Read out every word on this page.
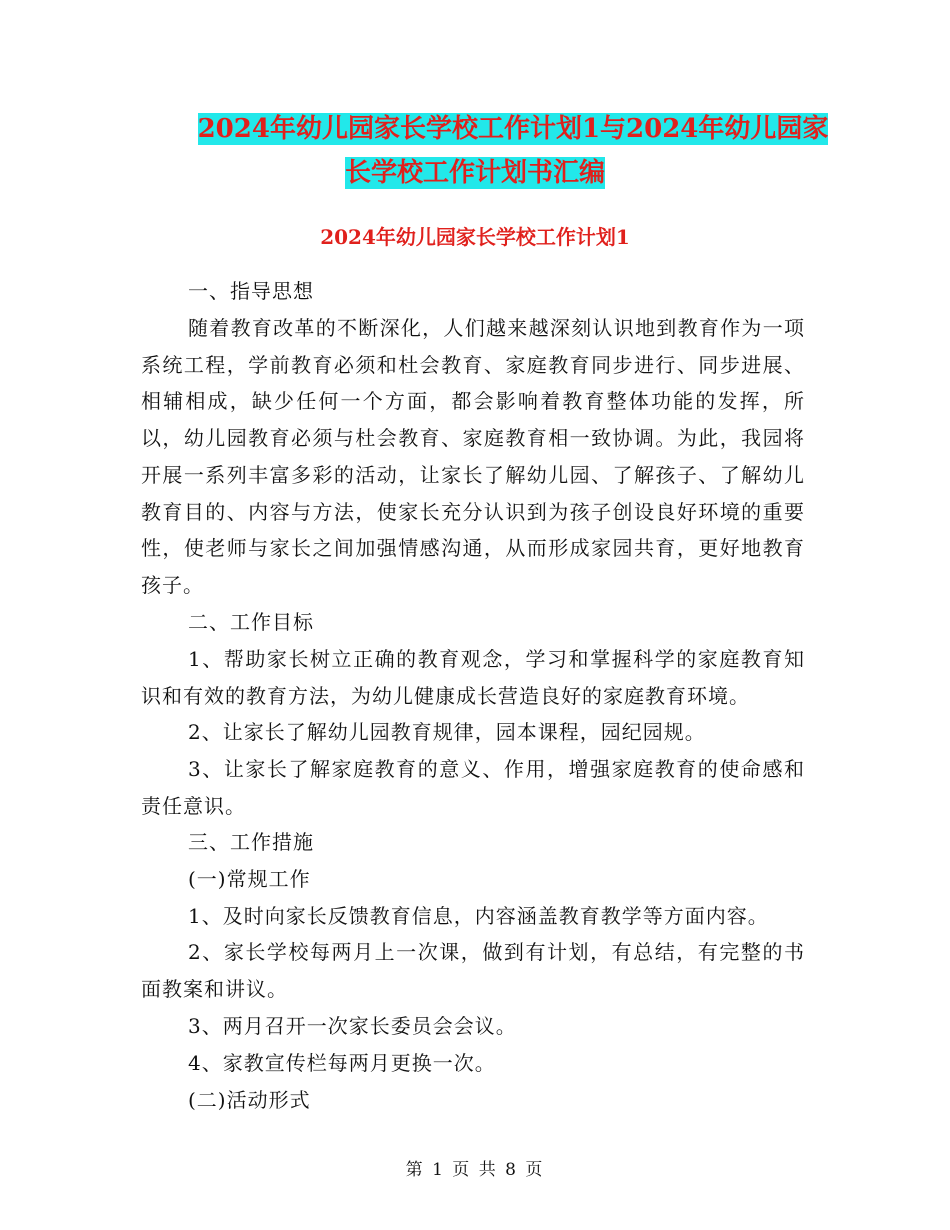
2024年幼儿园家长学校工作计划1与2024年幼儿园家
长学校工作计划书汇编
2024年幼儿园家长学校工作计划1
一、指导思想
随着教育改革的不断深化，人们越来越深刻认识地到教育作为一项系统工程，学前教育必须和杜会教育、家庭教育同步进行、同步进展、相辅相成，缺少任何一个方面，都会影响着教育整体功能的发挥，所以，幼儿园教育必须与杜会教育、家庭教育相一致协调。为此，我园将开展一系列丰富多彩的活动，让家长了解幼儿园、了解孩子、了解幼儿教育目的、内容与方法，使家长充分认识到为孩子创设良好环境的重要性，使老师与家长之间加强情感沟通，从而形成家园共育，更好地教育孩子。
二、工作目标
1、帮助家长树立正确的教育观念，学习和掌握科学的家庭教育知识和有效的教育方法，为幼儿健康成长营造良好的家庭教育环境。
2、让家长了解幼儿园教育规律，园本课程，园纪园规。
3、让家长了解家庭教育的意义、作用，增强家庭教育的使命感和责任意识。
三、工作措施
(一)常规工作
1、及时向家长反馈教育信息，内容涵盖教育教学等方面内容。
2、家长学校每两月上一次课，做到有计划，有总结，有完整的书面教案和讲议。
3、两月召开一次家长委员会会议。
4、家教宣传栏每两月更换一次。
(二)活动形式
第 1 页 共 8 页
